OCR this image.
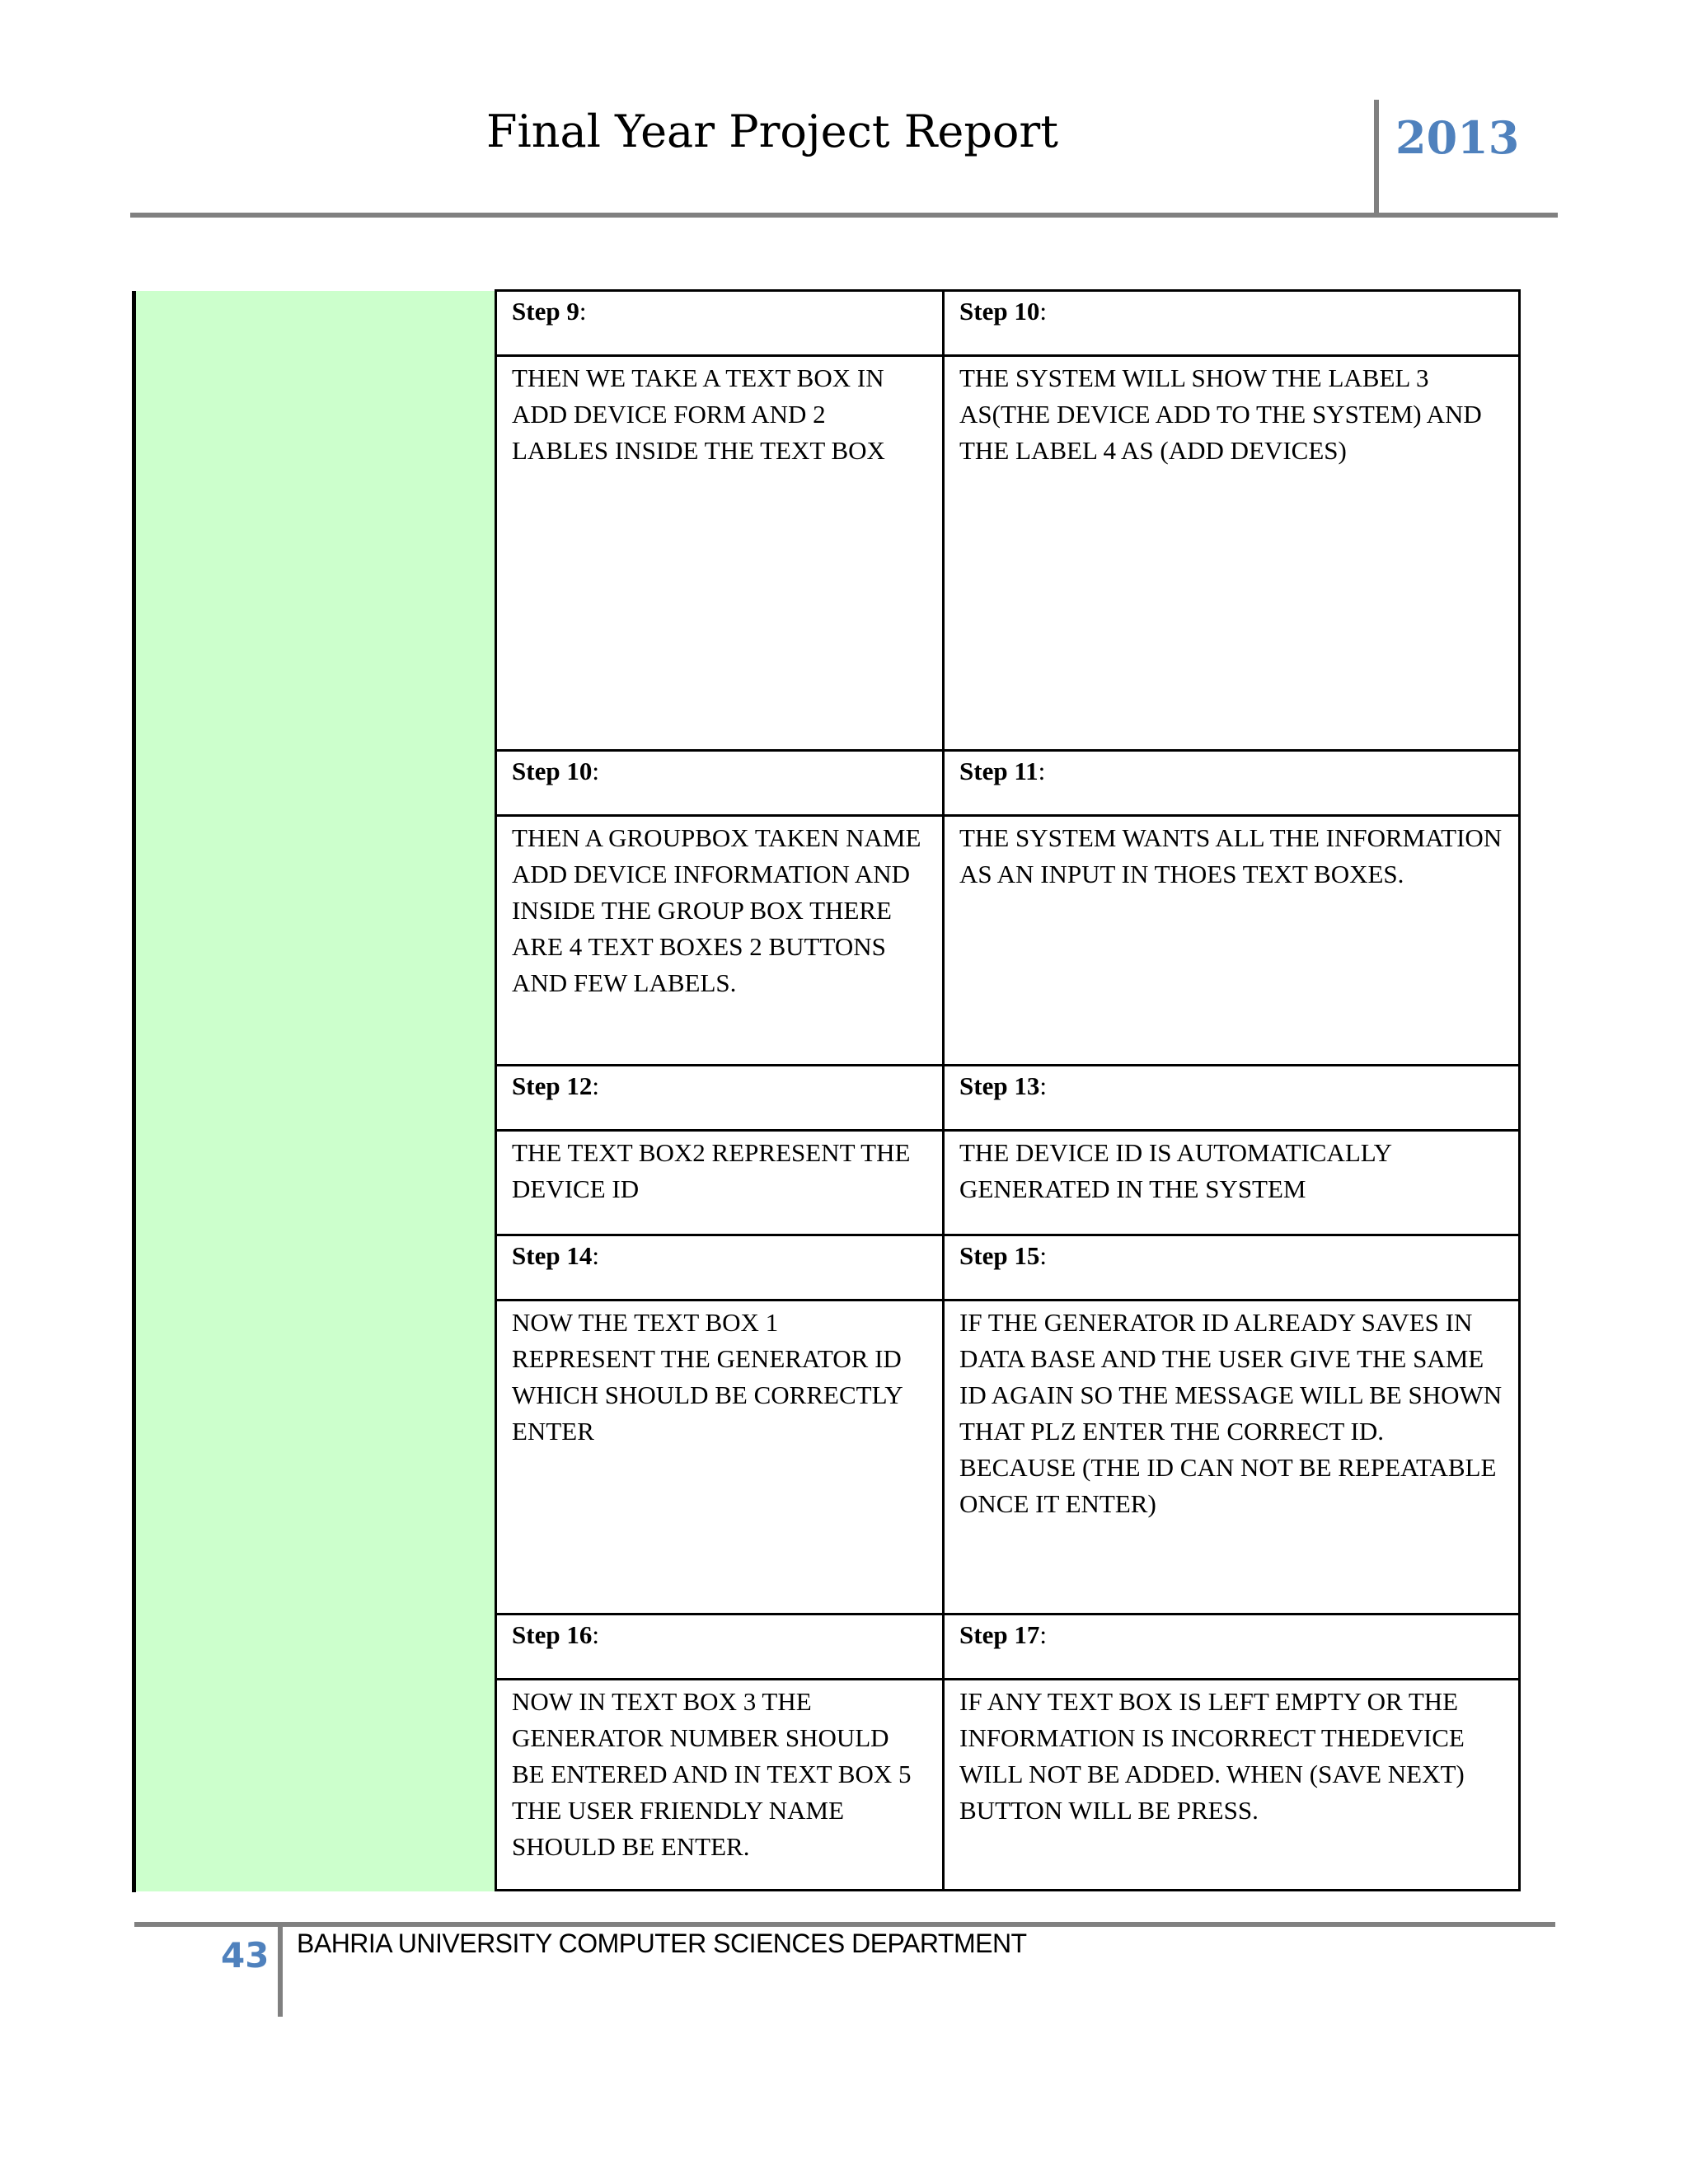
Final Year Project Report	2013
Step 9:	Step 10:
THEN WE TAKE A TEXT BOX IN ADD DEVICE FORM AND 2 LABLES INSIDE THE TEXT BOX	THE SYSTEM WILL SHOW THE LABEL 3 AS(THE DEVICE ADD TO THE SYSTEM) AND THE LABEL 4 AS (ADD DEVICES)
Step 10:	Step 11:
THEN A GROUPBOX TAKEN NAME ADD DEVICE INFORMATION AND INSIDE THE GROUP BOX THERE ARE 4 TEXT BOXES 2 BUTTONS AND FEW LABELS.	THE SYSTEM WANTS ALL THE INFORMATION AS AN INPUT IN THOES TEXT BOXES.
Step 12:	Step 13:
THE TEXT BOX2 REPRESENT THE DEVICE ID	THE DEVICE ID IS AUTOMATICALLY GENERATED IN THE SYSTEM
Step 14:	Step 15:
NOW THE TEXT BOX 1 REPRESENT THE GENERATOR ID WHICH SHOULD BE CORRECTLY ENTER	IF THE GENERATOR ID ALREADY SAVES IN DATA BASE AND THE USER GIVE THE SAME ID AGAIN SO THE MESSAGE WILL BE SHOWN THAT PLZ ENTER THE CORRECT ID. BECAUSE (THE ID CAN NOT BE REPEATABLE ONCE IT ENTER)
Step 16:	Step 17:
NOW IN TEXT BOX 3 THE GENERATOR NUMBER SHOULD BE ENTERED AND IN TEXT BOX 5 THE USER FRIENDLY NAME SHOULD BE ENTER.	IF ANY TEXT BOX IS LEFT EMPTY OR THE INFORMATION IS INCORRECT THEDEVICE WILL NOT BE ADDED. WHEN (SAVE NEXT) BUTTON WILL BE PRESS.
43 BAHRIA UNIVERSITY COMPUTER SCIENCES DEPARTMENT
